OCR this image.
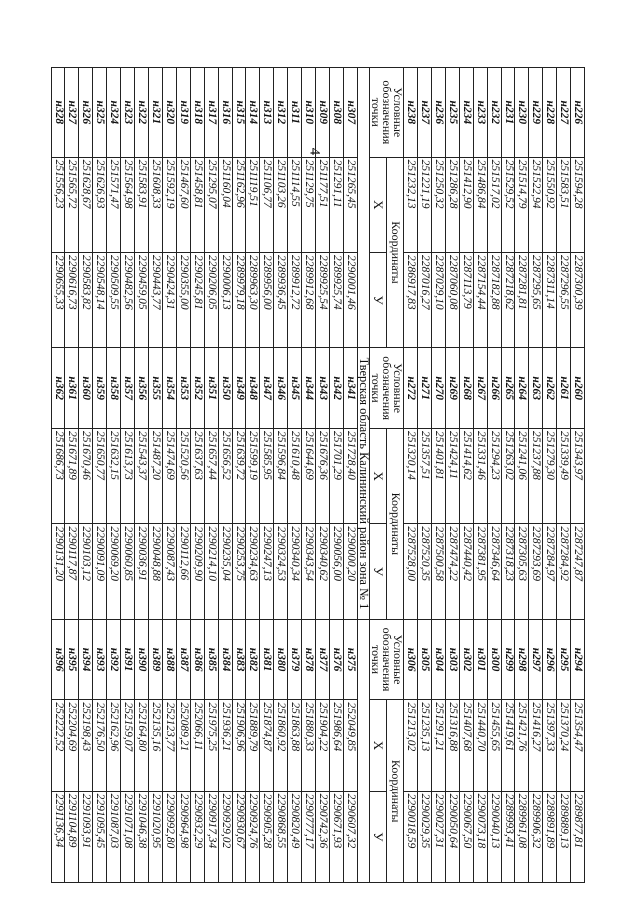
4
н226	251594,28	2287300,39	н260	251343,97	2287247,87	н294	251354,47	2289877,81
н227	251583,51	2287296,55	н261	251339,49	2287284,92	н295	251370,24	2289889,13
н228	251550,92	2287311,14	н262	251279,30	2287284,97	н296	251397,33	2289891,89
н229	251522,94	2287295,65	н263	251237,88	2287293,69	н297	251416,27	2289906,32
н230	251514,79	2287281,81	н264	251241,06	2287305,63	н298	251421,76	2289961,08
н231	251529,52	2287218,62	н265	251263,02	2287318,23	н299	251419,61	2289993,41
н232	251517,02	2287182,88	н266	251294,23	2287346,64	н300	251455,65	2290040,13
н233	251486,84	2287154,44	н267	251331,46	2287381,95	н301	251440,70	2290073,18
н234	251412,90	2287113,79	н268	251414,62	2287440,42	н302	251407,68	2290067,50
н235	251286,28	2287060,08	н269	251424,11	2287474,22	н303	251316,88	2290050,64
н236	251250,32	2287029,10	н270	251401,81	2287500,58	н304	251291,21	2290027,31
н237	251221,19	2287016,27	н271	251357,51	2287520,35	н305	251235,13	2290029,35
н238	251232,13	2286917,83	н272	251320,14	2287528,00	н306	251213,02	2290018,59
Условные обозначения точки	Координаты		Условные обозначения точки	Координаты		Условные обозначения точки	Координаты	
	X	У		X	У		X	У
			Тверская область Калининский район зона № 1					
н307	251265,45	2290001,46	н341	251728,40	2290000,20	н375	252049,85	2290607,32
н308	251291,11	2289925,74	н342	251701,29	2290056,00	н376	251986,64	2290671,93
н309	251177,51	2289925,54	н343	251676,36	2290340,62	н377	251904,22	2290742,36
н310	251129,75	2289912,68	н344	251644,69	2290343,54	н378	251880,33	2290777,17
н311	251114,55	2289912,72	н345	251610,48	2290340,34	н379	251863,88	2290820,49
н312	251103,26	2289936,45	н346	251596,84	2290324,53	н380	251860,92	2290868,55
н313	251106,77	2289956,00	н347	251585,95	2290247,13	н381	251874,87	2290905,28
н314	251119,51	2289963,30	н348	251599,19	2290234,63	н382	251889,79	2290924,76
н315	251162,96	2289979,18	н349	251639,72	2290253,75	н383	251906,96	2290930,67
н316	251160,04	2290006,13	н350	251656,52	2290235,04	н384	251936,21	2290929,02
н317	251295,07	2290206,05	н351	251657,44	2290214,10	н385	251975,25	2290917,34
н318	251458,81	2290245,81	н352	251637,63	2290209,90	н386	252066,11	2290932,29
н319	251467,60	2290355,00	н353	251520,56	2290112,66	н387	252089,21	2290964,98
н320	251592,19	2290424,31	н354	251474,69	2290087,43	н388	252123,77	2290992,80
н321	251608,33	2290443,77	н355	251487,20	2290048,88	н389	252135,16	2291020,95
н322	251583,91	2290459,05	н356	251543,37	2290036,91	н390	252164,80	2291046,38
н323	251564,98	2290482,56	н357	251613,73	2290060,85	н391	252159,07	2291071,08
н324	251571,47	2290509,55	н358	251632,15	2290069,20	н392	252162,96	2291087,03
н325	251626,93	2290548,14	н359	251650,77	2290091,09	н393	252176,50	2291095,45
н326	251628,67	2290583,82	н360	251670,46	2290103,12	н394	252198,43	2291093,91
н327	251565,72	2290616,73	н361	251671,89	2290117,87	н395	252204,69	2291104,89
н328	251556,23	2290655,33	н362	251686,73	2290131,20	н396	252222,52	2291136,34
